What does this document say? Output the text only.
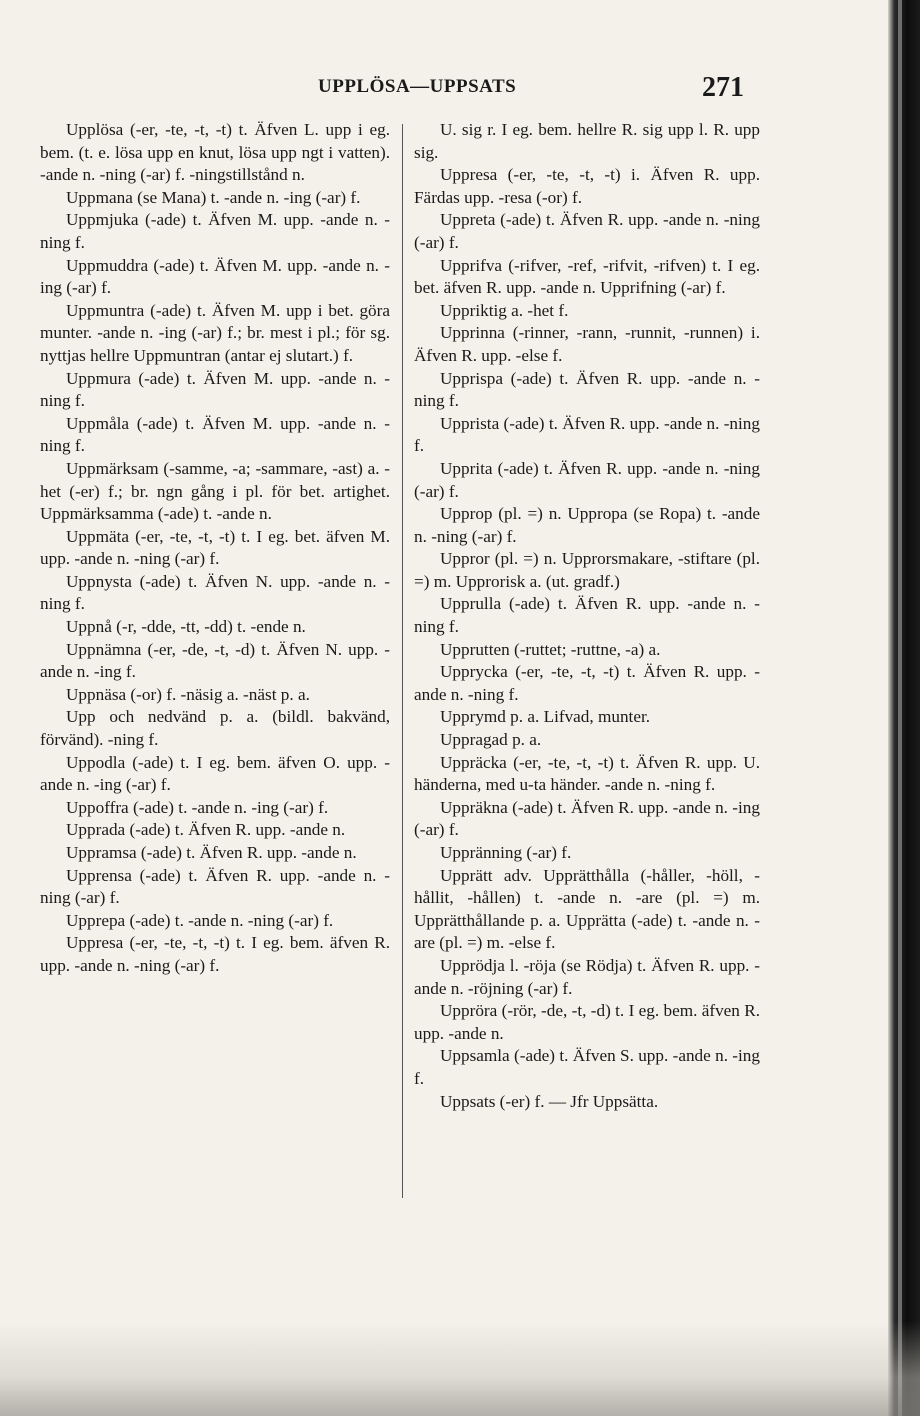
UPPLÖSA—UPPSATS	271

Upplösa (-er, -te, -t, -t) t. Äfven L. upp i eg. bem. (t. e. lösa upp en knut, lösa upp ngt i vatten). -ande n. -ning (-ar) f. -ningstillstånd n.

Uppmana (se Mana) t. -ande n. -ing (-ar) f.

Uppmjuka (-ade) t. Äfven M. upp. -ande n. -ning f.

Uppmuddra (-ade) t. Äfven M. upp. -ande n. -ing (-ar) f.

Uppmuntra (-ade) t. Äfven M. upp i bet. göra munter. -ande n. -ing (-ar) f.; br. mest i pl.; för sg. nyttjas hellre Uppmuntran (antar ej slutart.) f.

Uppmura (-ade) t. Äfven M. upp. -ande n. -ning f.

Uppmåla (-ade) t. Äfven M. upp. -ande n. -ning f.

Uppmärksam (-samme, -a; -sammare, -ast) a. -het (-er) f.; br. ngn gång i pl. för bet. artighet. Uppmärksamma (-ade) t. -ande n.

Uppmäta (-er, -te, -t, -t) t. I eg. bet. äfven M. upp. -ande n. -ning (-ar) f.

Uppnysta (-ade) t. Äfven N. upp. -ande n. -ning f.

Uppnå (-r, -dde, -tt, -dd) t. -ende n.

Uppnämna (-er, -de, -t, -d) t. Äfven N. upp. -ande n. -ing f.

Uppnäsa (-or) f. -näsig a. -näst p. a.

Upp och nedvänd p. a. (bildl. bakvänd, förvänd). -ning f.

Uppodla (-ade) t. I eg. bem. äfven O. upp. -ande n. -ing (-ar) f.

Uppoffra (-ade) t. -ande n. -ing (-ar) f.

Upprada (-ade) t. Äfven R. upp. -ande n.

Uppramsa (-ade) t. Äfven R. upp. -ande n.

Upprensa (-ade) t. Äfven R. upp. -ande n. -ning (-ar) f.

Upprepa (-ade) t. -ande n. -ning (-ar) f.

Uppresa (-er, -te, -t, -t) t. I eg. bem. äfven R. upp. -ande n. -ning (-ar) f.

U. sig r. I eg. bem. hellre R. sig upp l. R. upp sig.

Uppresa (-er, -te, -t, -t) i. Äfven R. upp. Färdas upp. -resa (-or) f.

Uppreta (-ade) t. Äfven R. upp. -ande n. -ning (-ar) f.

Upprifva (-rifver, -ref, -rifvit, -rifven) t. I eg. bet. äfven R. upp. -ande n. Upprifning (-ar) f.

Uppriktig a. -het f.

Upprinna (-rinner, -rann, -runnit, -runnen) i. Äfven R. upp. -else f.

Upprispa (-ade) t. Äfven R. upp. -ande n. -ning f.

Upprista (-ade) t. Äfven R. upp. -ande n. -ning f.

Upprita (-ade) t. Äfven R. upp. -ande n. -ning (-ar) f.

Upprop (pl. =) n. Uppropa (se Ropa) t. -ande n. -ning (-ar) f.

Uppror (pl. =) n. Upprorsmakare, -stiftare (pl. =) m. Upprorisk a. (ut. gradf.)

Upprulla (-ade) t. Äfven R. upp. -ande n. -ning f.

Upprutten (-ruttet; -ruttne, -a) a.

Upprycka (-er, -te, -t, -t) t. Äfven R. upp. -ande n. -ning f.

Upprymd p. a. Lifvad, munter.

Uppragad p. a.

Uppräcka (-er, -te, -t, -t) t. Äfven R. upp. U. händerna, med u-ta händer. -ande n. -ning f.

Uppräkna (-ade) t. Äfven R. upp. -ande n. -ing (-ar) f.

Uppränning (-ar) f.

Upprätt adv. Upprätthålla (-håller, -höll, -hållit, -hållen) t. -ande n. -are (pl. =) m. Upprätthållande p. a. Upprätta (-ade) t. -ande n. -are (pl. =) m. -else f.

Upprödja l. -röja (se Rödja) t. Äfven R. upp. -ande n. -röjning (-ar) f.

Uppröra (-rör, -de, -t, -d) t. I eg. bem. äfven R. upp. -ande n.

Uppsamla (-ade) t. Äfven S. upp. -ande n. -ing f.

Uppsats (-er) f. — Jfr Uppsätta.
